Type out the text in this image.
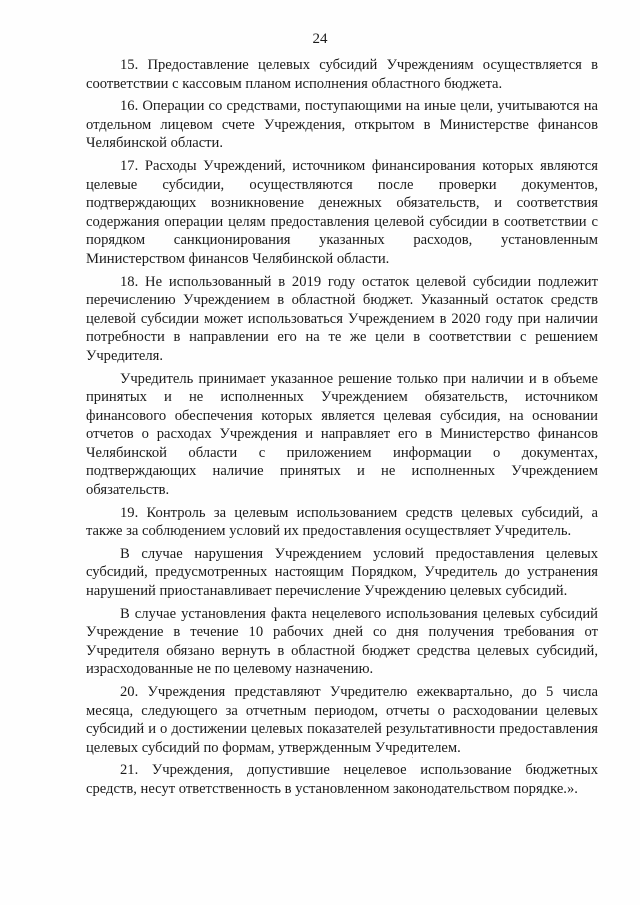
24

15. Предоставление целевых субсидий Учреждениям осуществляется в соответствии с кассовым планом исполнения областного бюджета.

16. Операции со средствами, поступающими на иные цели, учитываются на отдельном лицевом счете Учреждения, открытом в Министерстве финансов Челябинской области.

17. Расходы Учреждений, источником финансирования которых являются целевые субсидии, осуществляются после проверки документов, подтверждающих возникновение денежных обязательств, и соответствия содержания операции целям предоставления целевой субсидии в соответствии с порядком санкционирования указанных расходов, установленным Министерством финансов Челябинской области.

18. Не использованный в 2019 году остаток целевой субсидии подлежит перечислению Учреждением в областной бюджет. Указанный остаток средств целевой субсидии может использоваться Учреждением в 2020 году при наличии потребности в направлении его на те же цели в соответствии с решением Учредителя.

Учредитель принимает указанное решение только при наличии и в объеме принятых и не исполненных Учреждением обязательств, источником финансового обеспечения которых является целевая субсидия, на основании отчетов о расходах Учреждения и направляет его в Министерство финансов Челябинской области с приложением информации о документах, подтверждающих наличие принятых и не исполненных Учреждением обязательств.

19. Контроль за целевым использованием средств целевых субсидий, а также за соблюдением условий их предоставления осуществляет Учредитель.

В случае нарушения Учреждением условий предоставления целевых субсидий, предусмотренных настоящим Порядком, Учредитель до устранения нарушений приостанавливает перечисление Учреждению целевых субсидий.

В случае установления факта нецелевого использования целевых субсидий Учреждение в течение 10 рабочих дней со дня получения требования от Учредителя обязано вернуть в областной бюджет средства целевых субсидий, израсходованные не по целевому назначению.

20. Учреждения представляют Учредителю ежеквартально, до 5 числа месяца, следующего за отчетным периодом, отчеты о расходовании целевых субсидий и о достижении целевых показателей результативности предоставления целевых субсидий по формам, утвержденным Учредителем.

21. Учреждения, допустившие нецелевое использование бюджетных средств, несут ответственность в установленном законодательством порядке.».
